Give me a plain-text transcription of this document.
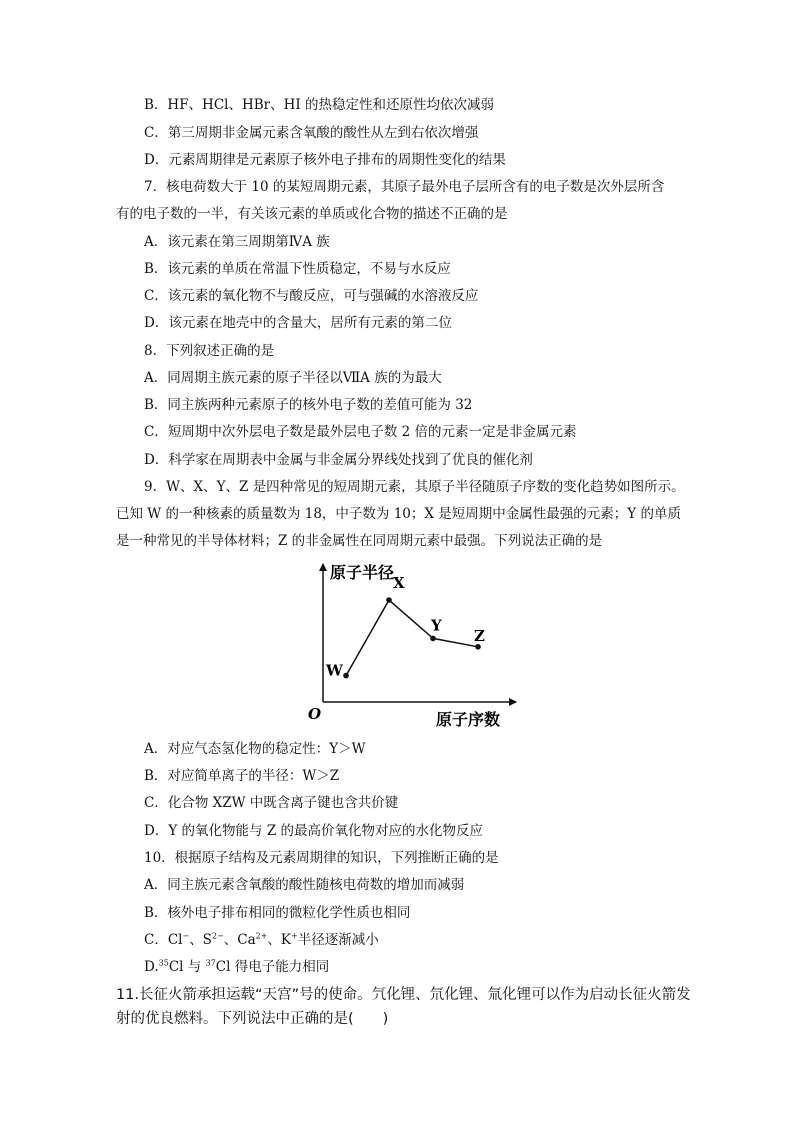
B．HF、HCl、HBr、HI 的热稳定性和还原性均依次减弱
C．第三周期非金属元素含氧酸的酸性从左到右依次增强
D．元素周期律是元素原子核外电子排布的周期性变化的结果
7．核电荷数大于 10 的某短周期元素，其原子最外电子层所含有的电子数是次外层所含
有的电子数的一半，有关该元素的单质或化合物的描述不正确的是
A．该元素在第三周期第ⅣA 族
B．该元素的单质在常温下性质稳定，不易与水反应
C．该元素的氧化物不与酸反应，可与强碱的水溶液反应
D．该元素在地壳中的含量大，居所有元素的第二位
8．下列叙述正确的是
A．同周期主族元素的原子半径以ⅦA 族的为最大
B．同主族两种元素原子的核外电子数的差值可能为 32
C．短周期中次外层电子数是最外层电子数 2 倍的元素一定是非金属元素
D．科学家在周期表中金属与非金属分界线处找到了优良的催化剂
9．W、X、Y、Z 是四种常见的短周期元素，其原子半径随原子序数的变化趋势如图所示。
已知 W 的一种核素的质量数为 18，中子数为 10；X 是短周期中金属性最强的元素；Y 的单质
是一种常见的半导体材料；Z 的非金属性在同周期元素中最强。下列说法正确的是
原子半径
原子序数
O
W
X
Y
Z
A．对应气态氢化物的稳定性：Y＞W
B．对应简单离子的半径：W＞Z
C．化合物 XZW 中既含离子键也含共价键
D．Y 的氧化物能与 Z 的最高价氧化物对应的水化物反应
10．根据原子结构及元素周期律的知识，下列推断正确的是
A．同主族元素含氧酸的酸性随核电荷数的增加而减弱
B．核外电子排布相同的微粒化学性质也相同
C．Cl−、$S^{2-}$、$Ca^{2+}$、K+半径逐渐减小
D.$^{35}$Cl 与 $^{37}$Cl 得电子能力相同
11.长征火箭承担运载“天宫”号的使命。氕化锂、氘化锂、氚化锂可以作为启动长征火箭发
射的优良燃料。下列说法中正确的是(　　)
